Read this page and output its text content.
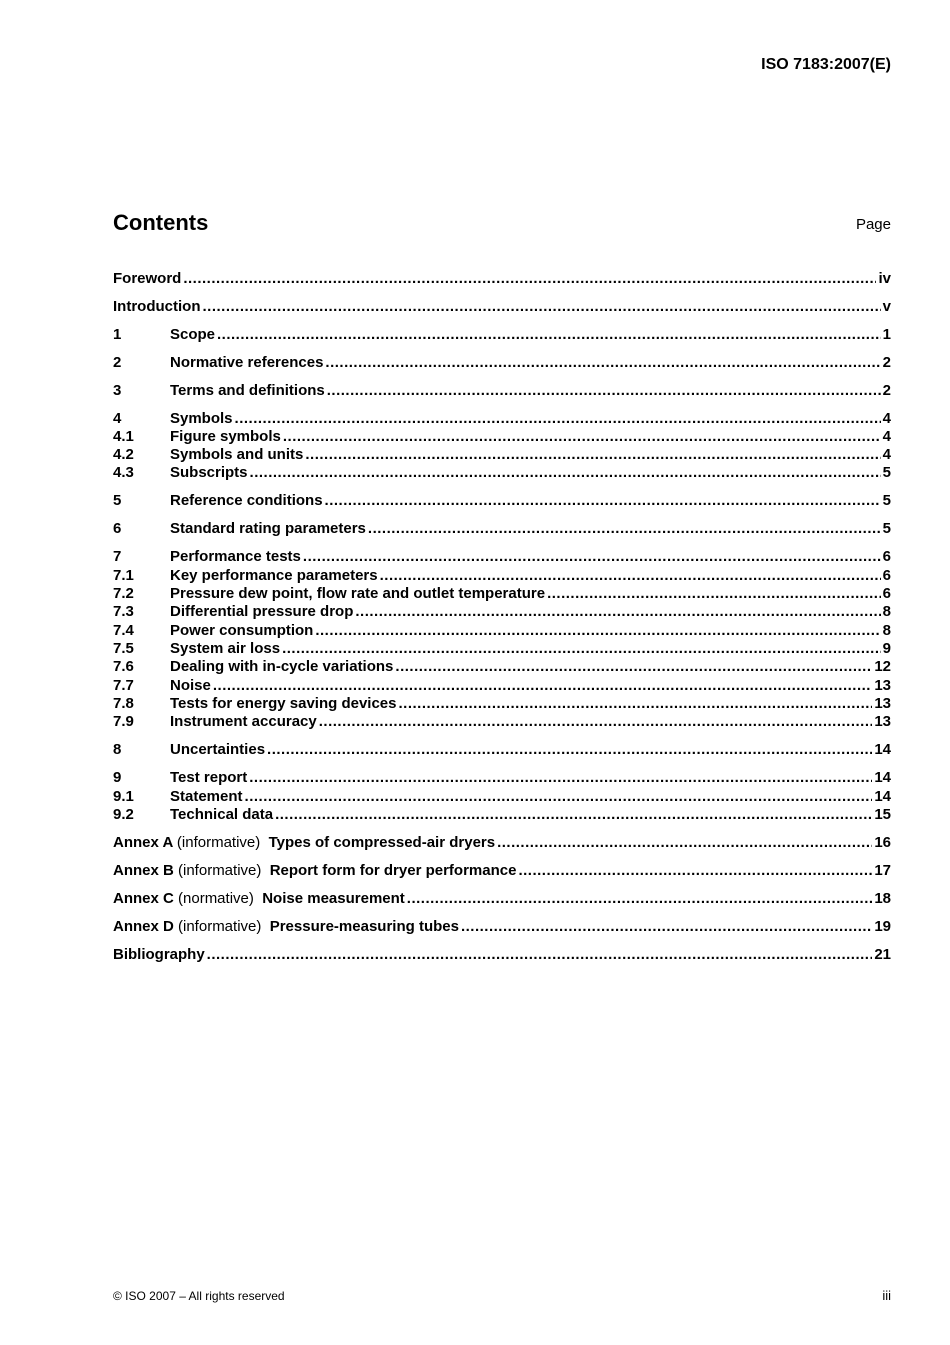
ISO 7183:2007(E)
Contents	Page
Foreword .....	iv
Introduction .....	v
1	Scope .....	1
2	Normative references .....	2
3	Terms and definitions .....	2
4	Symbols .....	4
4.1	Figure symbols .....	4
4.2	Symbols and units .....	4
4.3	Subscripts .....	5
5	Reference conditions .....	5
6	Standard rating parameters .....	5
7	Performance tests .....	6
7.1	Key performance parameters .....	6
7.2	Pressure dew point, flow rate and outlet temperature .....	6
7.3	Differential pressure drop .....	8
7.4	Power consumption .....	8
7.5	System air loss .....	9
7.6	Dealing with in-cycle variations .....	12
7.7	Noise .....	13
7.8	Tests for energy saving devices .....	13
7.9	Instrument accuracy .....	13
8	Uncertainties .....	14
9	Test report .....	14
9.1	Statement .....	14
9.2	Technical data .....	15
Annex A (informative) Types of compressed-air dryers .....	16
Annex B (informative) Report form for dryer performance .....	17
Annex C (normative) Noise measurement .....	18
Annex D (informative) Pressure-measuring tubes .....	19
Bibliography .....	21
© ISO 2007 – All rights reserved	iii
